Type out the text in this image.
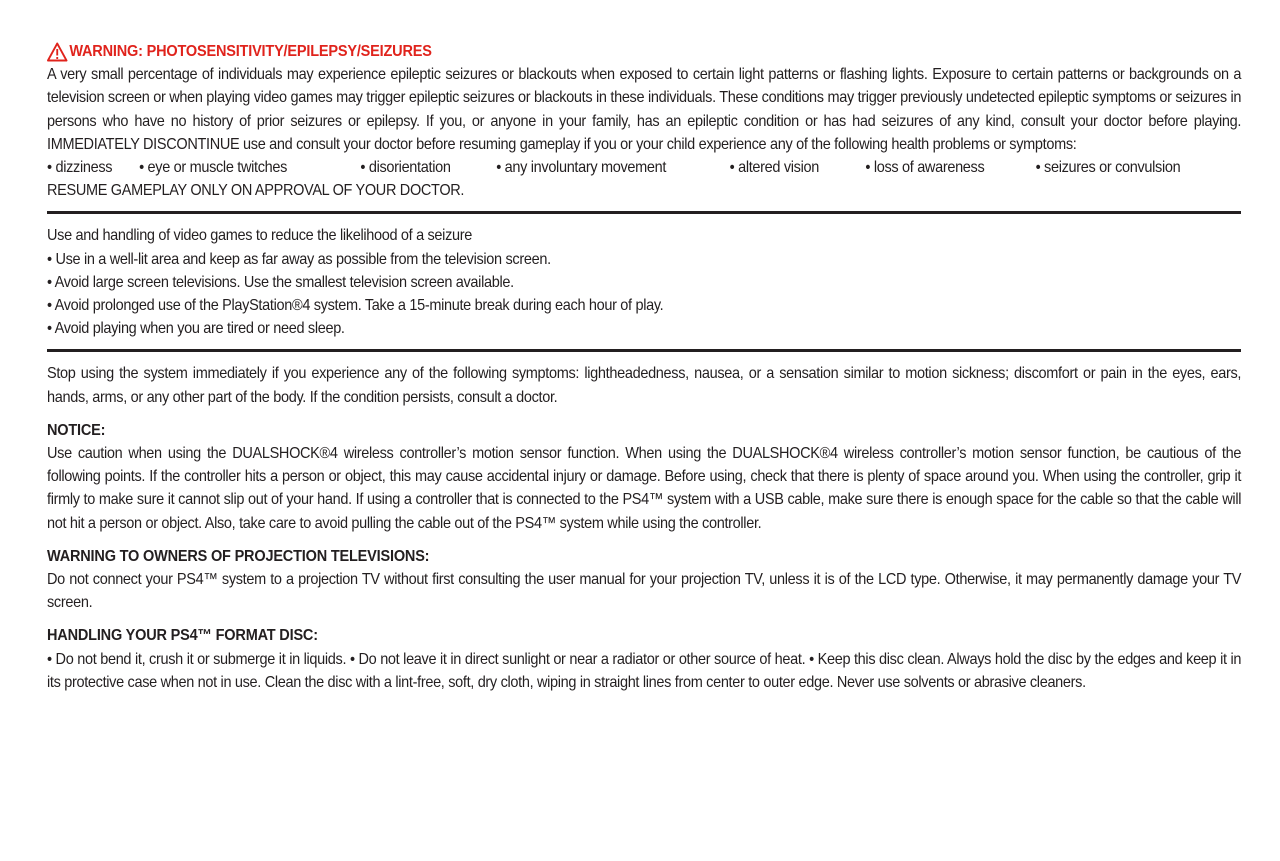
WARNING: PHOTOSENSITIVITY/EPILEPSY/SEIZURES

A very small percentage of individuals may experience epileptic seizures or blackouts when exposed to certain light patterns or flashing lights. Exposure to certain patterns or backgrounds on a television screen or when playing video games may trigger epileptic seizures or blackouts in these individuals. These conditions may trigger previously undetected epileptic symptoms or seizures in persons who have no history of prior seizures or epilepsy. If you, or anyone in your family, has an epileptic condition or has had seizures of any kind, consult your doctor before playing. IMMEDIATELY DISCONTINUE use and consult your doctor before resuming gameplay if you or your child experience any of the following health problems or symptoms:

• dizziness	• eye or muscle twitches	• disorientation	• any involuntary movement	• altered vision	• loss of awareness	• seizures or convulsion

RESUME GAMEPLAY ONLY ON APPROVAL OF YOUR DOCTOR.

Use and handling of video games to reduce the likelihood of a seizure

• Use in a well-lit area and keep as far away as possible from the television screen.

• Avoid large screen televisions. Use the smallest television screen available.

• Avoid prolonged use of the PlayStation®4 system. Take a 15-minute break during each hour of play.

• Avoid playing when you are tired or need sleep.

Stop using the system immediately if you experience any of the following symptoms: lightheadedness, nausea, or a sensation similar to motion sickness; discomfort or pain in the eyes, ears, hands, arms, or any other part of the body. If the condition persists, consult a doctor.

NOTICE:

Use caution when using the DUALSHOCK®4 wireless controller’s motion sensor function. When using the DUALSHOCK®4 wireless controller’s motion sensor function, be cautious of the following points. If the controller hits a person or object, this may cause accidental injury or damage. Before using, check that there is plenty of space around you. When using the controller, grip it firmly to make sure it cannot slip out of your hand. If using a controller that is connected to the PS4™ system with a USB cable, make sure there is enough space for the cable so that the cable will not hit a person or object. Also, take care to avoid pulling the cable out of the PS4™ system while using the controller.

WARNING TO OWNERS OF PROJECTION TELEVISIONS:

Do not connect your PS4™ system to a projection TV without first consulting the user manual for your projection TV, unless it is of the LCD type. Otherwise, it may permanently damage your TV screen.

HANDLING YOUR PS4™ FORMAT DISC:

• Do not bend it, crush it or submerge it in liquids. • Do not leave it in direct sunlight or near a radiator or other source of heat. • Keep this disc clean. Always hold the disc by the edges and keep it in its protective case when not in use. Clean the disc with a lint-free, soft, dry cloth, wiping in straight lines from center to outer edge. Never use solvents or abrasive cleaners.
